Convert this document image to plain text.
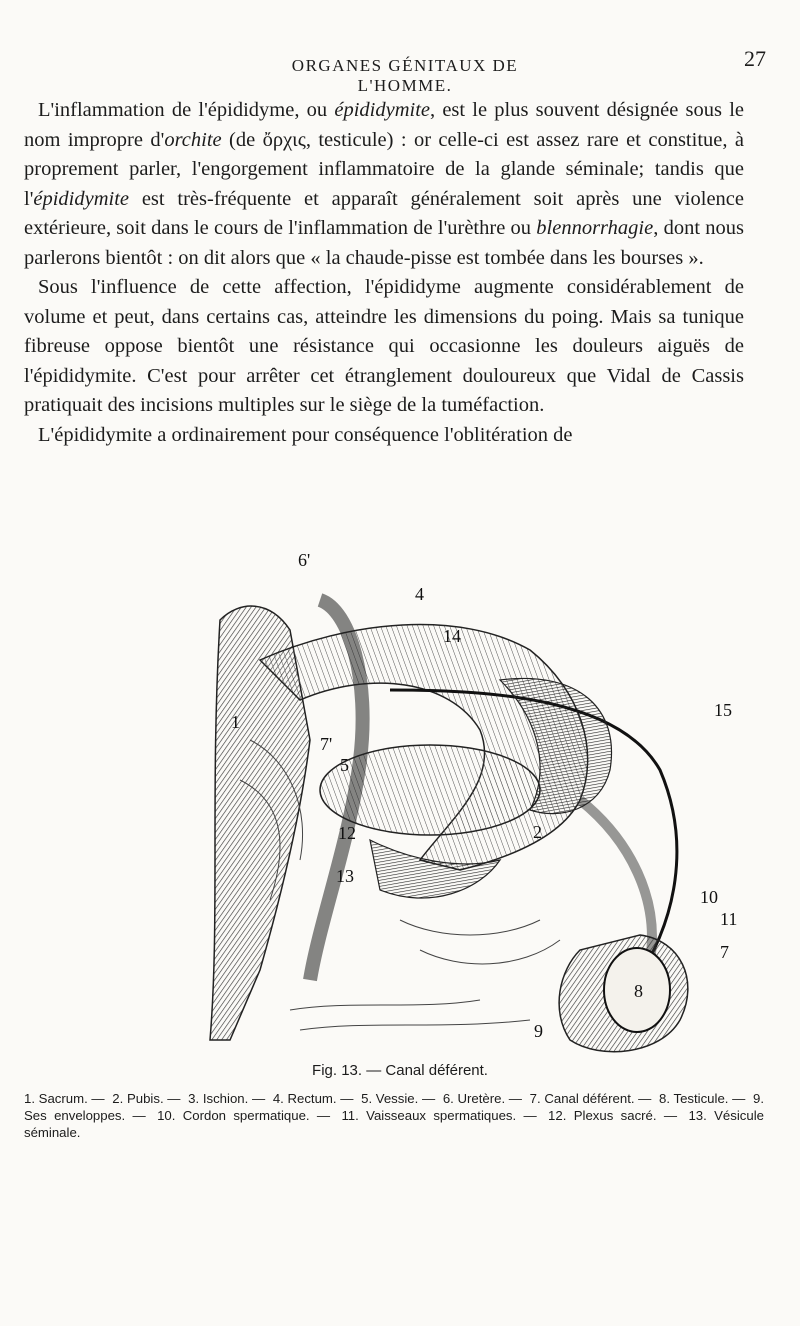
ORGANES GÉNITAUX DE L'HOMME.
27

L'inflammation de l'épididyme, ou épididymite, est le plus souvent désignée sous le nom impropre d'orchite (de ὄρχις, testicule) : or celle-ci est assez rare et constitue, à proprement parler, l'engorgement inflammatoire de la glande séminale; tandis que l'épididymite est très-fréquente et apparaît généralement soit après une violence extérieure, soit dans le cours de l'inflammation de l'urèthre ou blennorrhagie, dont nous parlerons bientôt : on dit alors que « la chaude-pisse est tombée dans les bourses ».

Sous l'influence de cette affection, l'épididyme augmente considérablement de volume et peut, dans certains cas, atteindre les dimensions du poing. Mais sa tunique fibreuse oppose bientôt une résistance qui occasionne les douleurs aiguës de l'épididymite. C'est pour arrêter cet étranglement douloureux que Vidal de Cassis pratiquait des incisions multiples sur le siège de la tuméfaction.

L'épididymite a ordinairement pour conséquence l'oblitération de

6'
4
14
1
15
7'
5
12	2
13
10
11
7
8
9
Fig. 13. — Canal déférent.
1. Sacrum. — 2. Pubis. — 3. Ischion. — 4. Rectum. — 5. Vessie. — 6. Uretère. — 7. Canal déférent. — 8. Testicule. — 9. Ses enveloppes. — 10. Cordon spermatique. — 11. Vaisseaux spermatiques. — 12. Plexus sacré. — 13. Vésicule séminale.
